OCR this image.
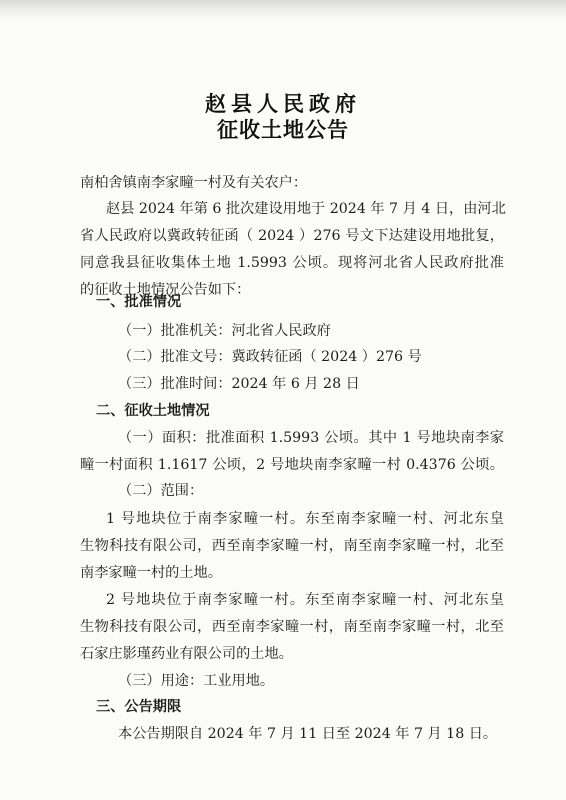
赵县人民政府
征收土地公告
南柏舍镇南李家疃一村及有关农户：
赵县 2024 年第 6 批次建设用地于 2024 年 7 月 4 日，由河北
省人民政府以冀政转征函（ 2024 ）276 号文下达建设用地批复，
同意我县征收集体土地 1.5993 公顷。现将河北省人民政府批准
的征收土地情况公告如下：
一、批准情况
（一）批准机关：河北省人民政府
（二）批准文号：冀政转征函（ 2024 ）276 号
（三）批准时间：2024 年 6 月 28 日
二、征收土地情况
（一）面积：批准面积 1.5993 公顷。其中 1 号地块南李家
疃一村面积 1.1617 公顷，2 号地块南李家疃一村 0.4376 公顷。
（二）范围：
1 号地块位于南李家疃一村。东至南李家疃一村、河北东皇
生物科技有限公司，西至南李家疃一村，南至南李家疃一村，北至
南李家疃一村的土地。
2 号地块位于南李家疃一村。东至南李家疃一村、河北东皇
生物科技有限公司，西至南李家疃一村，南至南李家疃一村，北至
石家庄影瑾药业有限公司的土地。
（三）用途：工业用地。
三、公告期限
本公告期限自 2024 年 7 月 11 日至 2024 年 7 月 18 日。
